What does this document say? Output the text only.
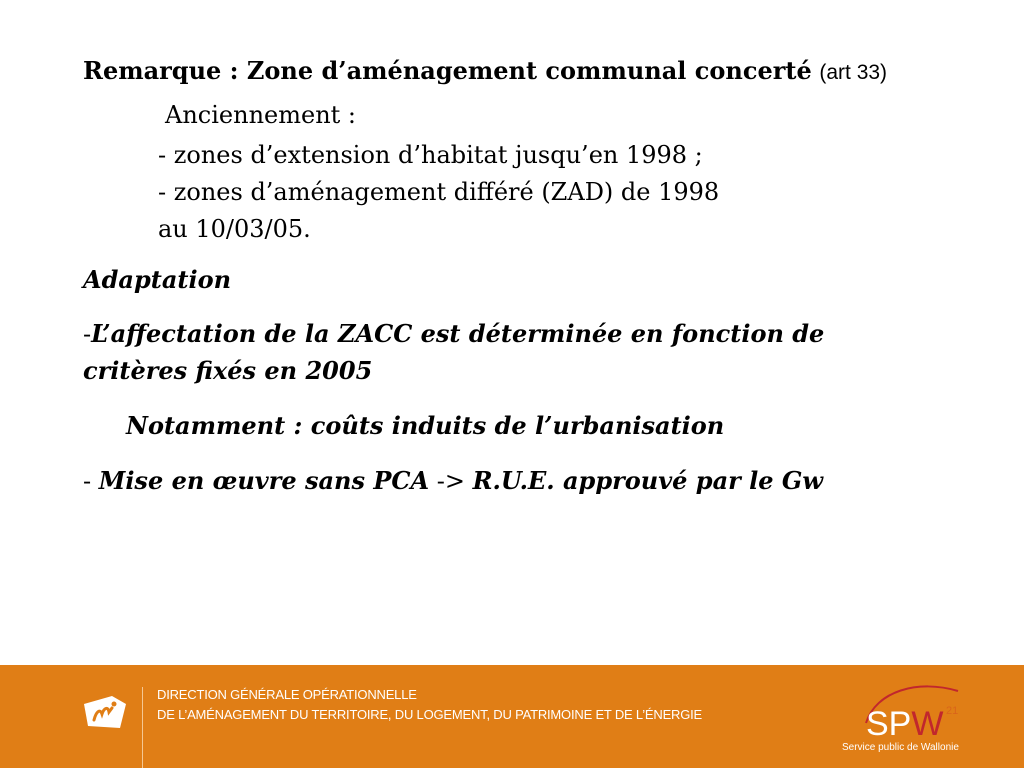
Remarque : Zone d’aménagement communal concerté (art 33)

Anciennement :

- zones d’extension d’habitat jusqu’en 1998 ;

- zones d’aménagement différé (ZAD) de 1998

au 10/03/05.

Adaptation

-L’affectation de la ZACC est déterminée en fonction de

critères fixés en 2005

Notamment : coûts induits de l’urbanisation

- Mise en œuvre sans PCA -> R.U.E. approuvé par le Gw

DIRECTION GÉNÉRALE OPÉRATIONNELLE
DE L’AMÉNAGEMENT DU TERRITOIRE, DU LOGEMENT, DU PATRIMOINE ET DE L’ÉNERGIE	SPW 21
Service public de Wallonie
